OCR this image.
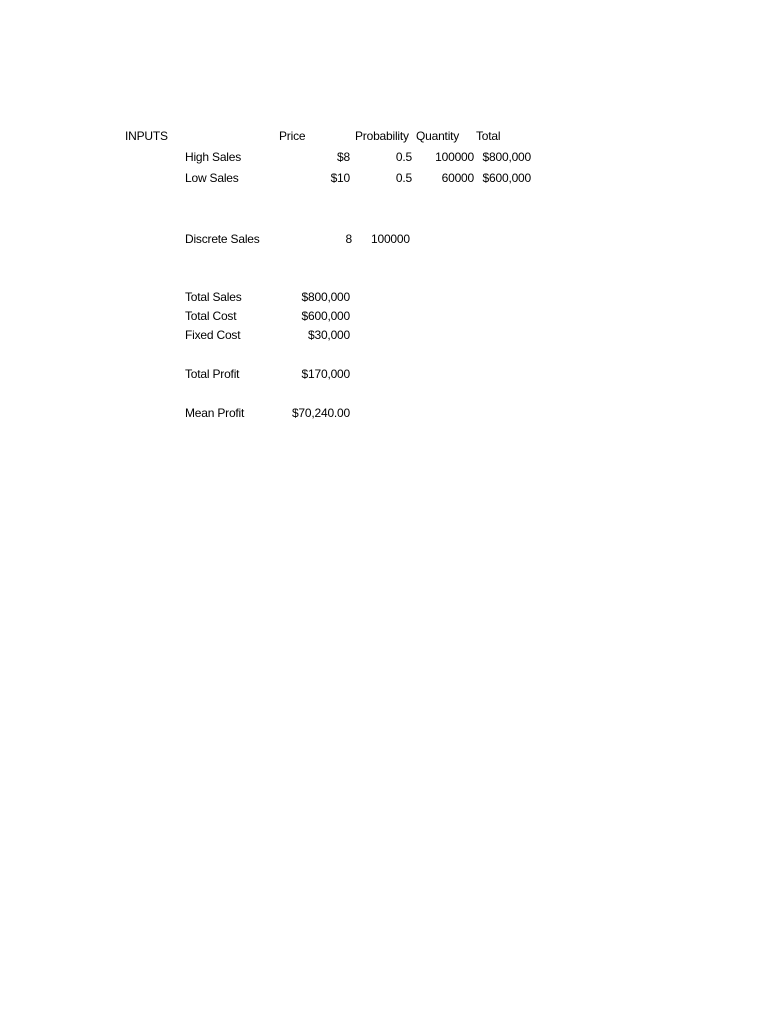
INPUTS	Price	Probability Quantity Total
High Sales	$8	0.5	100000 $800,000
Low Sales	$10	0.5	60000 $600,000
Discrete Sales	8 100000
Total Sales	$800,000
Total Cost	$600,000
Fixed Cost	$30,000
Total Profit	$170,000
Mean Profit	$70,240.00
